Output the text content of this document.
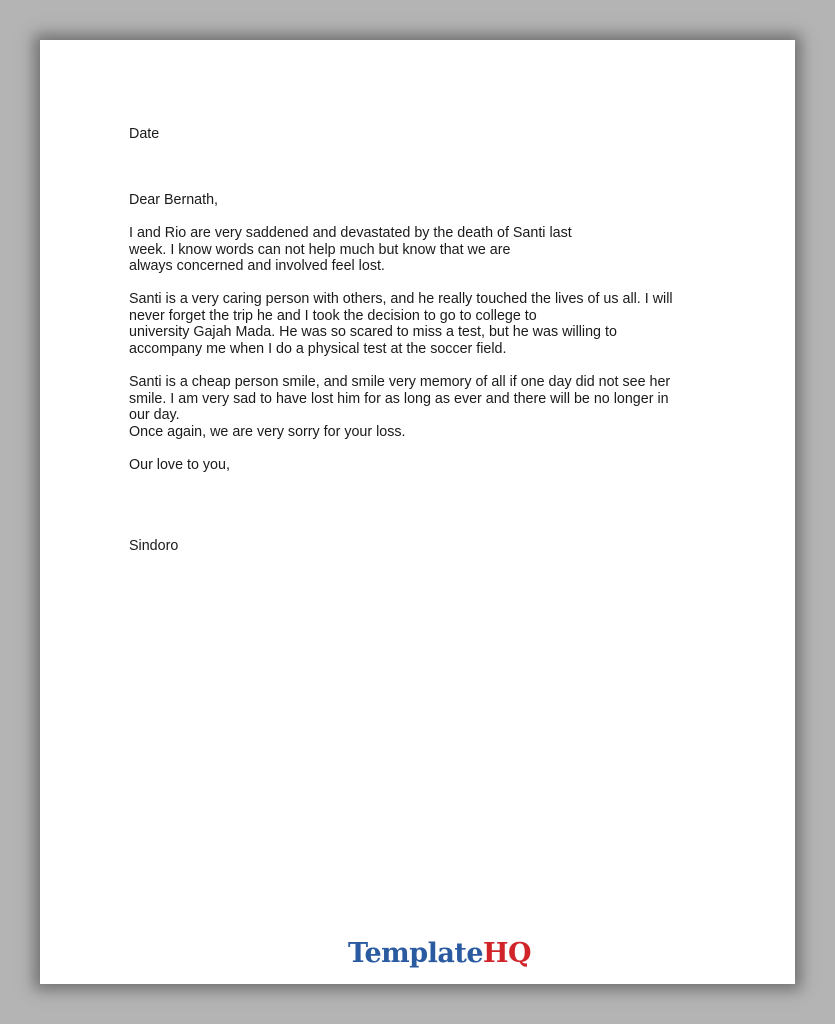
Date
Dear Bernath,
I and Rio are very saddened and devastated by the death of Santi last
week. I know words can not help much but know that we are
always concerned and involved feel lost.
Santi is a very caring person with others, and he really touched the lives of us all. I will
never forget the trip he and I took the decision to go to college to
university Gajah Mada. He was so scared to miss a test, but he was willing to
accompany me when I do a physical test at the soccer field.
Santi is a cheap person smile, and smile very memory of all if one day did not see her
smile. I am very sad to have lost him for as long as ever and there will be no longer in
our day.
Once again, we are very sorry for your loss.
Our love to you,
Sindoro
TemplateHQ
